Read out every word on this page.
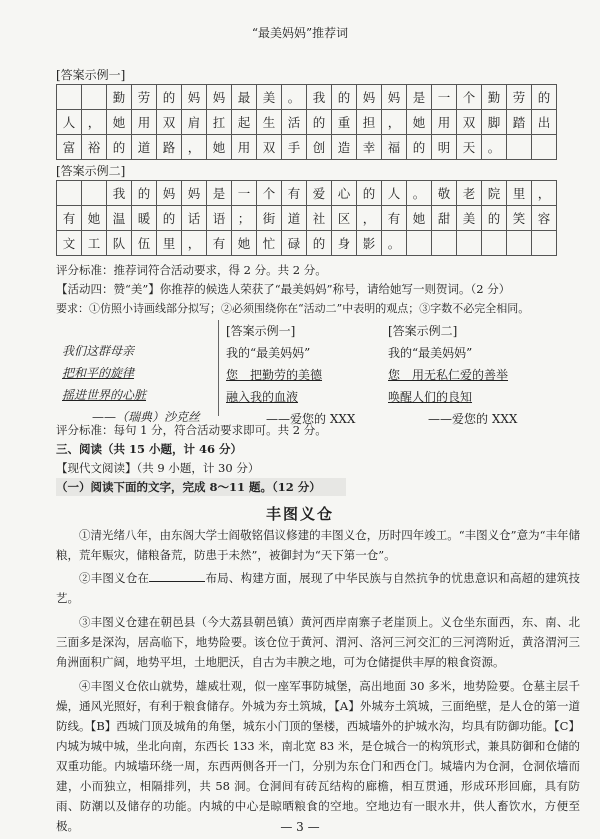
“最美妈妈”推荐词
[答案示例一]
		勤	劳	的	妈	妈	最	美	。	我	的	妈	妈	是	一	个	勤	劳	的
人	，	她	用	双	肩	扛	起	生	活	的	重	担	，	她	用	双	脚	踏	出
富	裕	的	道	路	，	她	用	双	手	创	造	幸	福	的	明	天	。		
[答案示例二]
		我	的	妈	妈	是	一	个	有	爱	心	的	人	。	敬	老	院	里	，
有	她	温	暖	的	话	语	；	街	道	社	区	，	有	她	甜	美	的	笑	容
文	工	队	伍	里	，	有	她	忙	碌	的	身	影	。						
评分标准：推荐词符合活动要求，得 2 分。共 2 分。
【活动四：赞“美”】你推荐的候选人荣获了“最美妈妈”称号，请给她写一则贺词。（2 分）
要求：①仿照小诗画线部分拟写；②必须围绕你在“活动二”中表明的观点；③字数不必完全相同。
我们这群母亲
把和平的旋律
摇进世界的心脏
——（瑞典）沙克丝
[答案示例一]
我的“最美妈妈”
您　把勤劳的美德
融入我的血液
——爱您的 XXX
[答案示例二]
我的“最美妈妈”
您　用无私仁爱的善举
唤醒人们的良知
——爱您的 XXX
评分标准：每句 1 分，符合活动要求即可。共 2 分。
三、阅读（共 15 小题，计 46 分）
【现代文阅读】（共 9 小题，计 30 分）
（一）阅读下面的文字，完成 8～11 题。（12 分）
丰图义仓
①清光绪八年，由东阁大学士阎敬铭倡议修建的丰图义仓，历时四年竣工。“丰图义仓”意为“丰年储粮，荒年赈灾，储粮备荒，防患于未然”，被御封为“天下第一仓”。
②丰图义仓在	布局、构建方面，展现了中华民族与自然抗争的忧患意识和高超的建筑技艺。
③丰图义仓建在朝邑县（今大荔县朝邑镇）黄河西岸南寨子老崖顶上。义仓坐东面西，东、南、北三面多是深沟，居高临下，地势险要。该仓位于黄河、渭河、洛河三河交汇的三河湾附近，黄洛渭河三角洲面积广阔，地势平坦，土地肥沃，自古为丰腴之地，可为仓储提供丰厚的粮食资源。
④丰图义仓依山就势，雄威壮观，似一座军事防城堡，高出地面 30 多米，地势险要。仓墓主层千燥，通风光照好，有利于粮食储存。外城为夯土筑城，【A】外城夯土筑城，三面绝壁，是人仓的第一道防线。【B】西城门顶及城角的角堡，城东小门顶的堡楼，西城墙外的护城水沟，均具有防御功能。【C】内城为城中城，坐北向南，东西长 133 米，南北宽 83 米，是仓城合一的构筑形式，兼具防御和仓储的双重功能。内城墙环绕一周，东西两侧各开一门，分别为东仓门和西仓门。城墙内为仓洞，仓洞依墙而建，小而独立，相隔排列，共 58 洞。仓洞间有砖瓦结构的廊檐，相互贯通，形成环形回廊，具有防雨、防潮以及储存的功能。内城的中心是晾晒粮食的空地。空地边有一眼水井，供人畜饮水，方便至极。	— 3 —
